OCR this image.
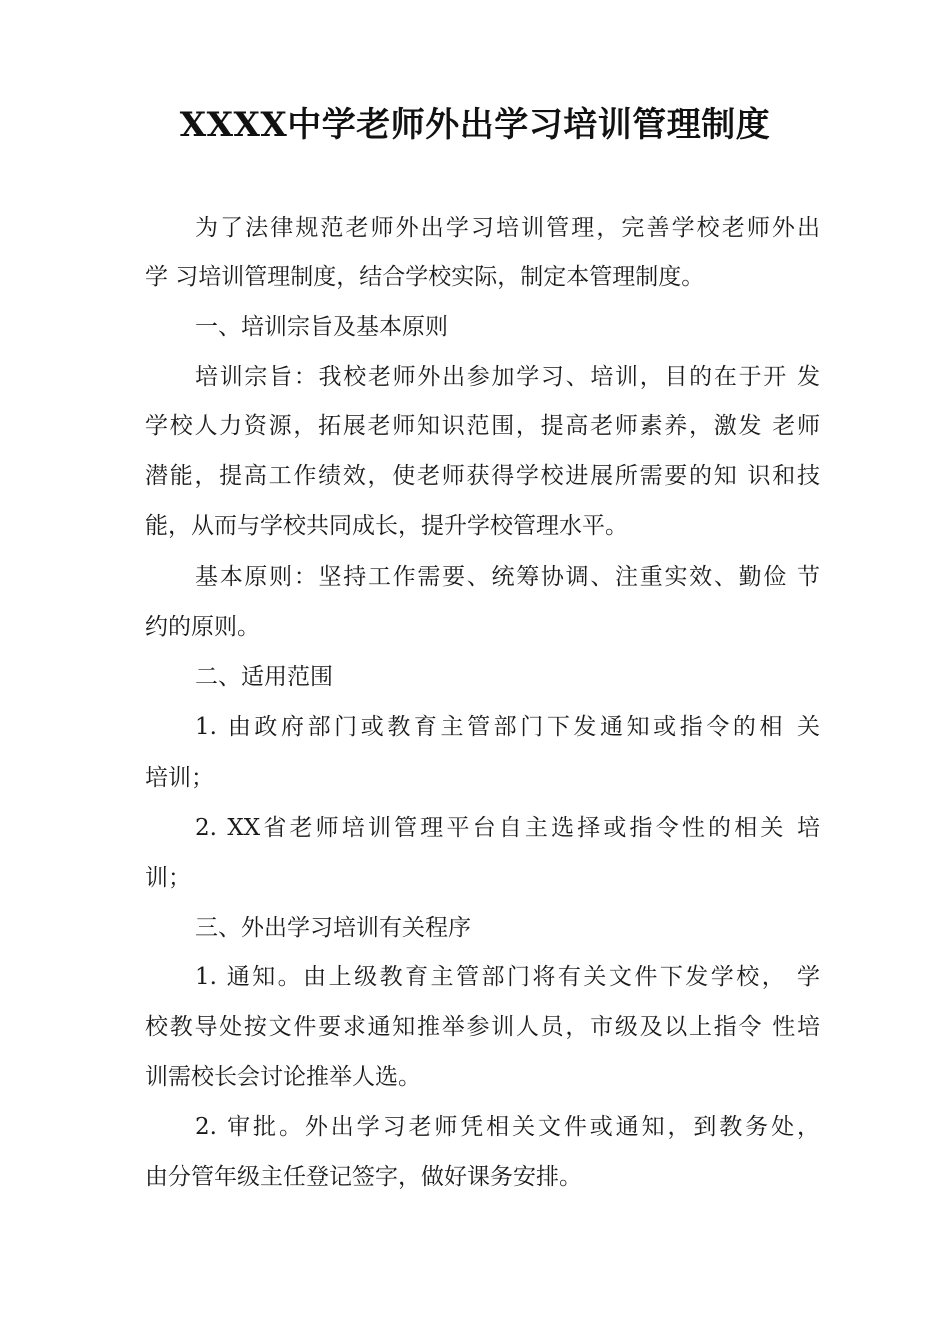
XXXX中学老师外出学习培训管理制度
为了法律规范老师外出学习培训管理，完善学校老师外出
学 习培训管理制度，结合学校实际，制定本管理制度。
一、培训宗旨及基本原则
培训宗旨：我校老师外出参加学习、培训，目的在于开 发
学校人力资源，拓展老师知识范围，提高老师素养，激发 老师
潜能，提高工作绩效，使老师获得学校进展所需要的知 识和技
能，从而与学校共同成长，提升学校管理水平。
基本原则：坚持工作需要、统筹协调、注重实效、勤俭 节
约的原则。
二、适用范围
1. 由政府部门或教育主管部门下发通知或指令的相 关
培训；
2. XX省老师培训管理平台自主选择或指令性的相关 培
训；
三、外出学习培训有关程序
1. 通知。由上级教育主管部门将有关文件下发学校， 学
校教导处按文件要求通知推举参训人员，市级及以上指令 性培
训需校长会讨论推举人选。
2. 审批。外出学习老师凭相关文件或通知，到教务处，
由分管年级主任登记签字，做好课务安排。
